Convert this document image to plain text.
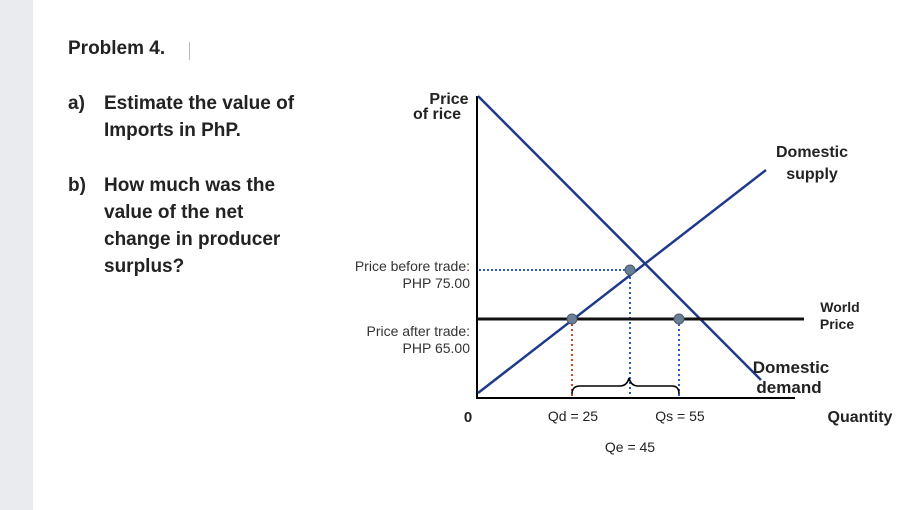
Problem 4.
a) Estimate the value of
Imports in PhP.
b) How much was the
value of the net
change in producer
surplus?
Price
of rice
0	Quantity
Price before trade:
PHP 75.00
Price after trade:
PHP 65.00
Qd = 25	Qs = 55
Qe = 45
Domestic
supply
World
Price
Domestic
demand
